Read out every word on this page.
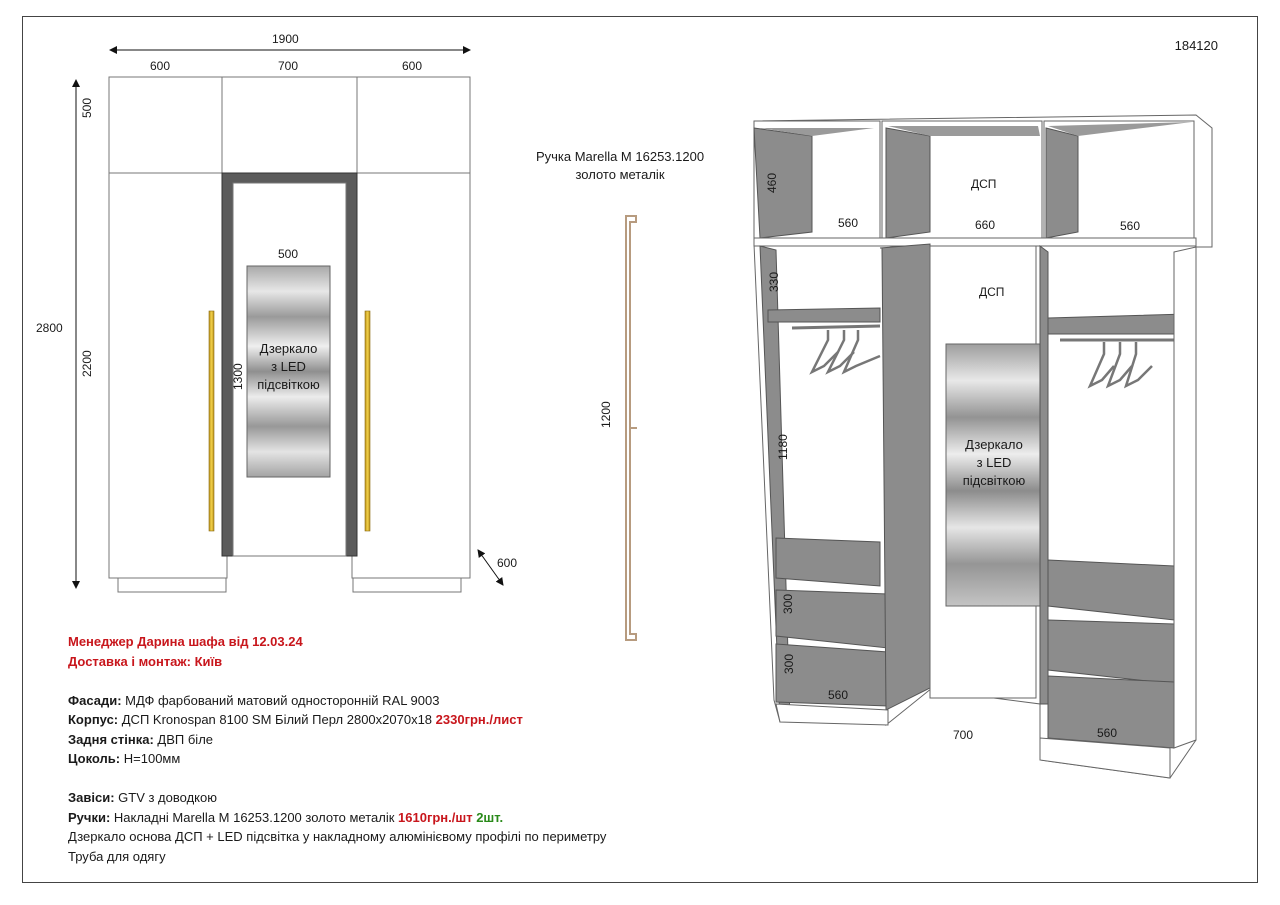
184120
1900
600	700	600
500
2200
2800
500
1300
600
Дзеркало
з LED
підсвіткою
Ручка Marella M 16253.1200
золото металік
1200
560	660	560
460
330
1180
300
300
560
700	560
ДСП
ДСП
Дзеркало
з LED
підсвіткою
Менеджер Дарина шафа від 12.03.24
Доставка і монтаж: Київ

Фасади: МДФ фарбований матовий односторонній RAL 9003
Корпус: ДСП Kronospan 8100 SM Білий Перл 2800х2070х18 2330грн./лист
Задня стінка: ДВП біле
Цоколь: Н=100мм

Завіси: GTV з доводкою
Ручки: Накладні Marella M 16253.1200 золото металік 1610грн./шт 2шт.
Дзеркало основа ДСП + LED підсвітка у накладному алюмінієвому профілі по периметру
Труба для одягу
